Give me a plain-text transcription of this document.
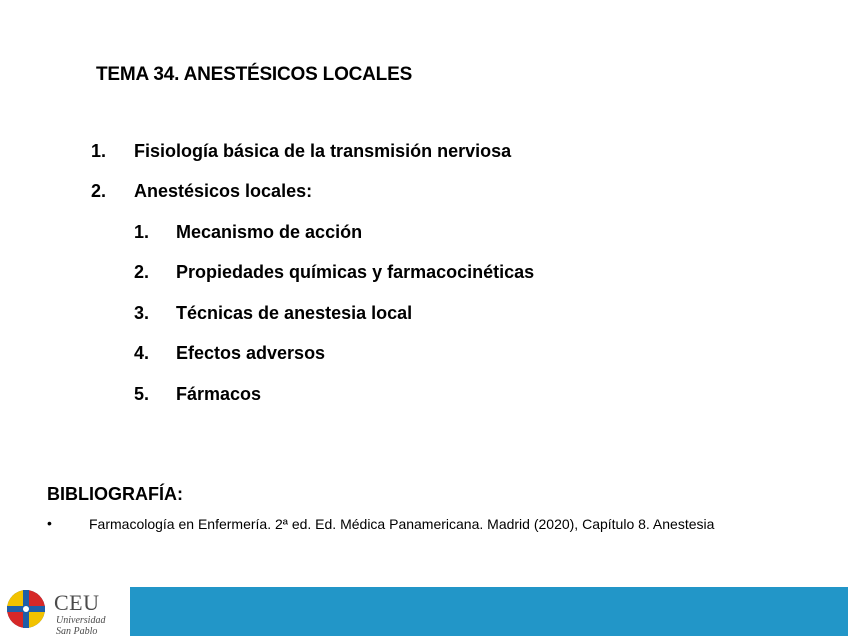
TEMA 34. ANESTÉSICOS LOCALES
1. Fisiología básica de la transmisión nerviosa
2. Anestésicos locales:
1. Mecanismo de acción
2. Propiedades químicas y farmacocinéticas
3. Técnicas de anestesia local
4. Efectos adversos
5. Fármacos
BIBLIOGRAFÍA:
•	Farmacología en Enfermería. 2ª ed. Ed. Médica Panamericana. Madrid (2020), Capítulo 8. Anestesia
CEU
Universidad
San Pablo
